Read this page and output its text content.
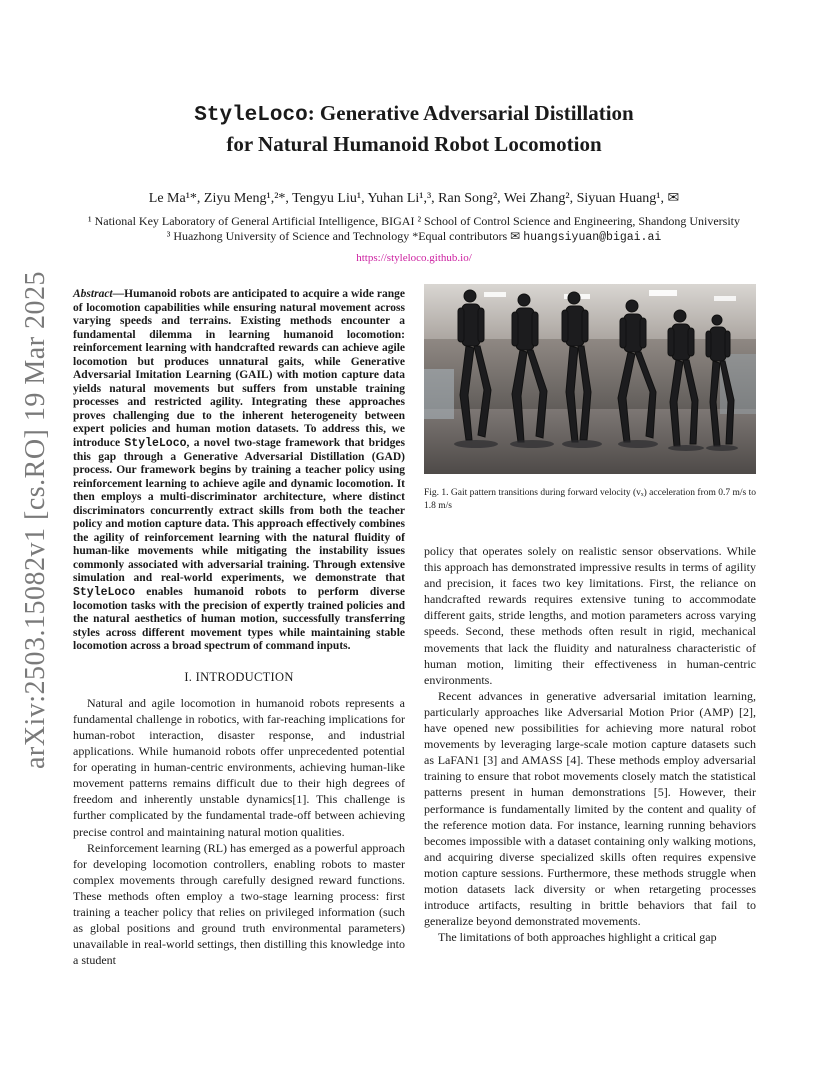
arXiv:2503.15082v1 [cs.RO] 19 Mar 2025
StyleLoco: Generative Adversarial Distillation
for Natural Humanoid Robot Locomotion
Le Ma¹*, Ziyu Meng¹,²*, Tengyu Liu¹, Yuhan Li¹,³, Ran Song², Wei Zhang², Siyuan Huang¹, ✉
¹ National Key Laboratory of General Artificial Intelligence, BIGAI ² School of Control Science and Engineering, Shandong University
³ Huazhong University of Science and Technology *Equal contributors ✉ huangsiyuan@bigai.ai
https://styleloco.github.io/

Abstract—Humanoid robots are anticipated to acquire a wide range of locomotion capabilities while ensuring natural movement across varying speeds and terrains. Existing methods encounter a fundamental dilemma in learning humanoid locomotion: reinforcement learning with handcrafted rewards can achieve agile locomotion but produces unnatural gaits, while Generative Adversarial Imitation Learning (GAIL) with motion capture data yields natural movements but suffers from unstable training processes and restricted agility. Integrating these approaches proves challenging due to the inherent heterogeneity between expert policies and human motion datasets. To address this, we introduce StyleLoco, a novel two-stage framework that bridges this gap through a Generative Adversarial Distillation (GAD) process. Our framework begins by training a teacher policy using reinforcement learning to achieve agile and dynamic locomotion. It then employs a multi-discriminator architecture, where distinct discriminators concurrently extract skills from both the teacher policy and motion capture data. This approach effectively combines the agility of reinforcement learning with the natural fluidity of human-like movements while mitigating the instability issues commonly associated with adversarial training. Through extensive simulation and real-world experiments, we demonstrate that StyleLoco enables humanoid robots to perform diverse locomotion tasks with the precision of expertly trained policies and the natural aesthetics of human motion, successfully transferring styles across different movement types while maintaining stable locomotion across a broad spectrum of command inputs.

I. INTRODUCTION

Natural and agile locomotion in humanoid robots represents a fundamental challenge in robotics, with far-reaching implications for human-robot interaction, disaster response, and industrial applications. While humanoid robots offer unprecedented potential for operating in human-centric environments, achieving human-like movement patterns remains difficult due to their high degrees of freedom and inherently unstable dynamics[1]. This challenge is further complicated by the fundamental trade-off between achieving precise control and maintaining natural motion qualities.

Reinforcement learning (RL) has emerged as a powerful approach for developing locomotion controllers, enabling robots to master complex movements through carefully designed reward functions. These methods often employ a two-stage learning process: first training a teacher policy that relies on privileged information (such as global positions and ground truth environmental parameters) unavailable in real-world settings, then distilling this knowledge into a student

Fig. 1. Gait pattern transitions during forward velocity (vₓ) acceleration from 0.7 m/s to 1.8 m/s

policy that operates solely on realistic sensor observations. While this approach has demonstrated impressive results in terms of agility and precision, it faces two key limitations. First, the reliance on handcrafted rewards requires extensive tuning to accommodate different gaits, stride lengths, and motion parameters across varying speeds. Second, these methods often result in rigid, mechanical movements that lack the fluidity and naturalness characteristic of human motion, limiting their effectiveness in human-centric environments.

Recent advances in generative adversarial imitation learning, particularly approaches like Adversarial Motion Prior (AMP) [2], have opened new possibilities for achieving more natural robot movements by leveraging large-scale motion capture datasets such as LaFAN1 [3] and AMASS [4]. These methods employ adversarial training to ensure that robot movements closely match the statistical patterns present in human demonstrations [5]. However, their performance is fundamentally limited by the content and quality of the reference motion data. For instance, learning running behaviors becomes impossible with a dataset containing only walking motions, and acquiring diverse specialized skills often requires expensive motion capture sessions. Furthermore, these methods struggle when motion datasets lack diversity or when retargeting processes introduce artifacts, resulting in brittle behaviors that fail to generalize beyond demonstrated movements.

The limitations of both approaches highlight a critical gap
